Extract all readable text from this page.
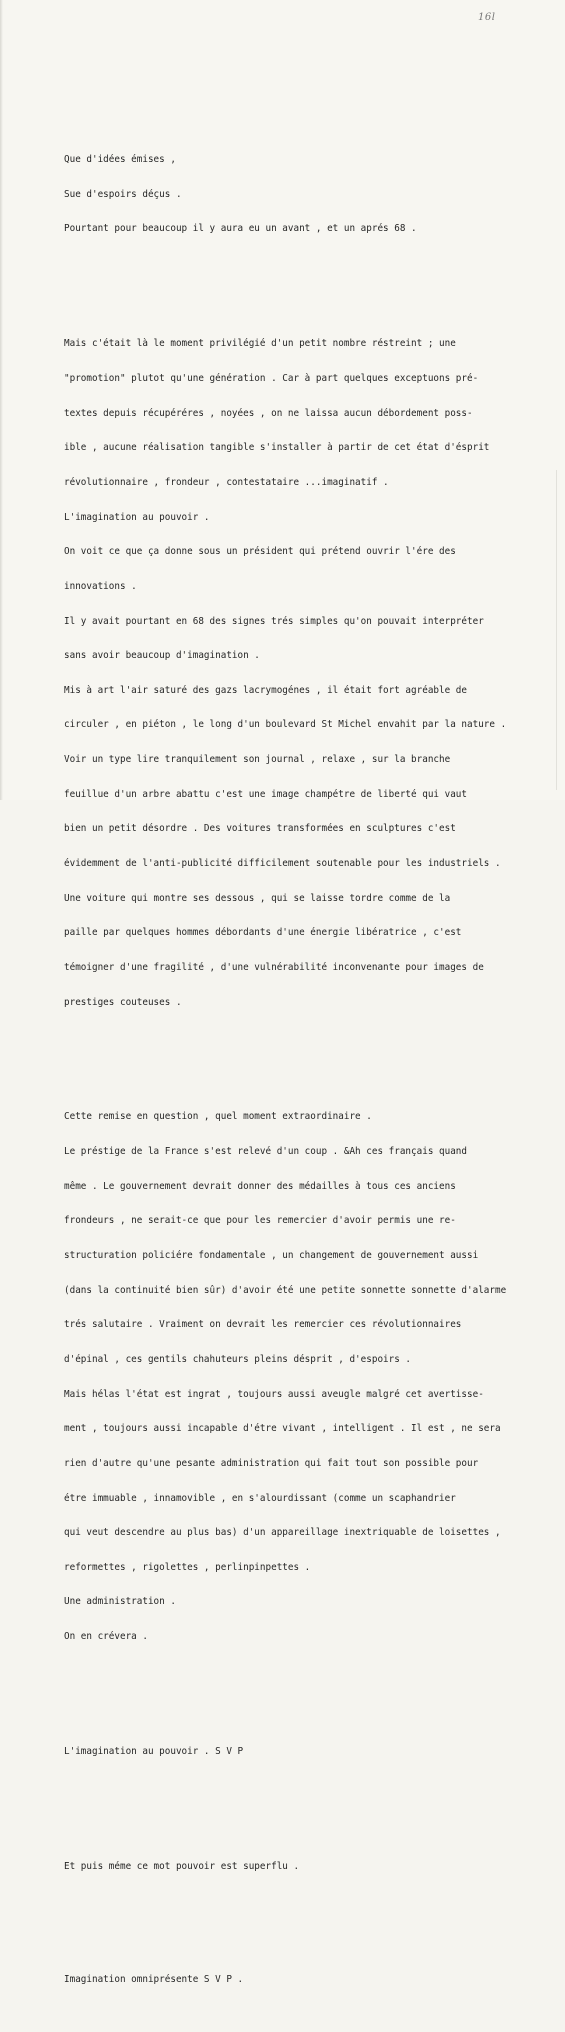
16l

Que d'idées émises ,

Sue d'espoirs déçus .

Pourtant pour beaucoup il y aura eu un avant , et un aprés 68 .

Mais c'était là le moment privilégié d'un petit nombre réstreint ; une

"promotion" plutot qu'une génération . Car à part quelques exceptuons pré-

textes depuis récupéréres , noyées , on ne laissa aucun débordement poss-

ible , aucune réalisation tangible s'installer à partir de cet état d'ésprit

révolutionnaire , frondeur , contestataire ...imaginatif .

L'imagination au pouvoir .

On voit ce que ça donne sous un président qui prétend ouvrir l'ére des

innovations .

Il y avait pourtant en 68 des signes trés simples qu'on pouvait interpréter

sans avoir beaucoup d'imagination .

Mis à art l'air saturé des gazs lacrymogénes , il était fort agréable de

circuler , en piéton , le long d'un boulevard St Michel envahit par la nature .

Voir un type lire tranquilement son journal , relaxe , sur la branche

feuillue d'un arbre abattu c'est une image champétre de liberté qui vaut

bien un petit désordre . Des voitures transformées en sculptures c'est

évidemment de l'anti-publicité difficilement soutenable pour les industriels .

Une voiture qui montre ses dessous , qui se laisse tordre comme de la

paille par quelques hommes débordants d'une énergie libératrice , c'est

témoigner d'une fragilité , d'une vulnérabilité inconvenante pour images de

prestiges couteuses .

Cette remise en question , quel moment extraordinaire .

Le préstige de la France s'est relevé d'un coup . &Ah ces français quand

même . Le gouvernement devrait donner des médailles à tous ces anciens

frondeurs , ne serait-ce que pour les remercier d'avoir permis une re-

structuration policiére fondamentale , un changement de gouvernement aussi

(dans la continuité bien sûr) d'avoir été une petite sonnette sonnette d'alarme

trés salutaire . Vraiment on devrait les remercier ces révolutionnaires

d'épinal , ces gentils chahuteurs pleins désprit , d'espoirs .

Mais hélas l'état est ingrat , toujours aussi aveugle malgré cet avertisse-

ment , toujours aussi incapable d'étre vivant , intelligent . Il est , ne sera

rien d'autre qu'une pesante administration qui fait tout son possible pour

étre immuable , innamovible , en s'alourdissant (comme un scaphandrier

qui veut descendre au plus bas) d'un appareillage inextriquable de loisettes ,

reformettes , rigolettes , perlinpinpettes .

Une administration .

On en crévera .

L'imagination au pouvoir . S V P

Et puis méme ce mot pouvoir est superflu .

Imagination omniprésente S V P .
